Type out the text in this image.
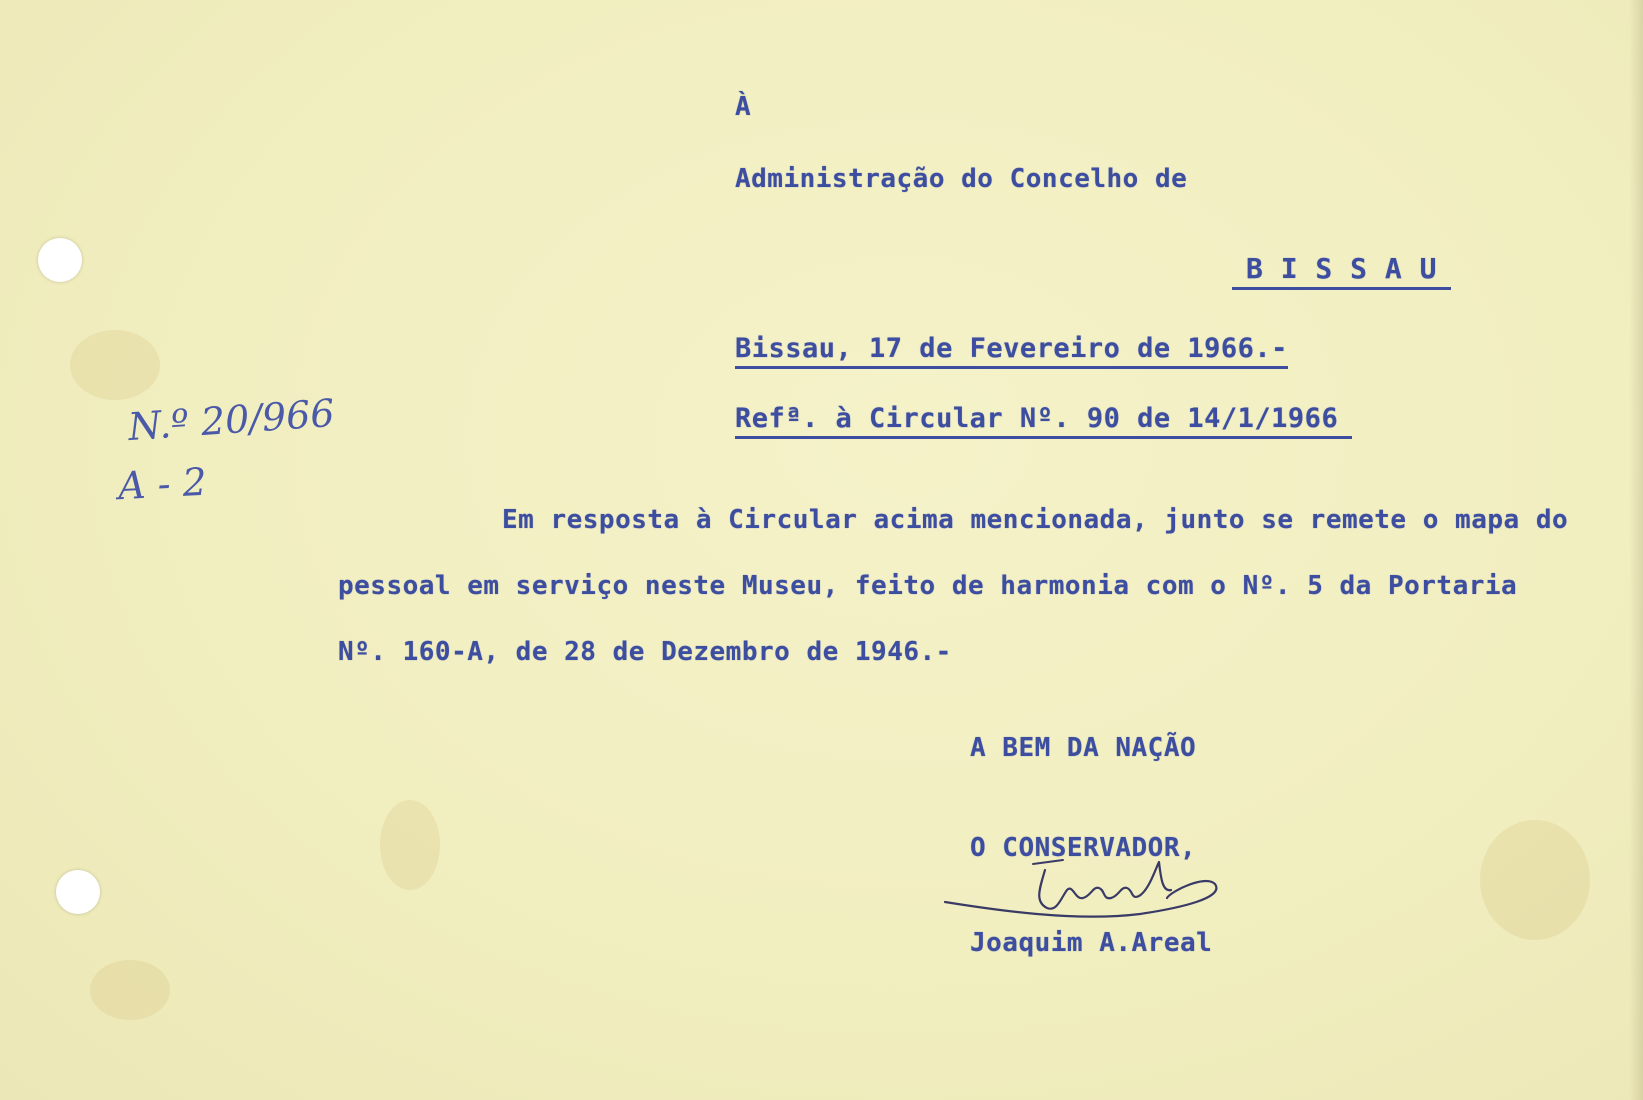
N.º 20/966
A - 2
À
Administração do Concelho de
B I S S A U
Bissau, 17 de Fevereiro de 1966.-
Refª. à Circular Nº. 90 de 14/1/1966
Em resposta à Circular acima mencionada, junto se remete o mapa do
pessoal em serviço neste Museu, feito de harmonia com o Nº. 5 da Portaria
Nº. 160-A, de 28 de Dezembro de 1946.-
A BEM DA NAÇÃO
O CONSERVADOR,
Joaquim A.Areal
